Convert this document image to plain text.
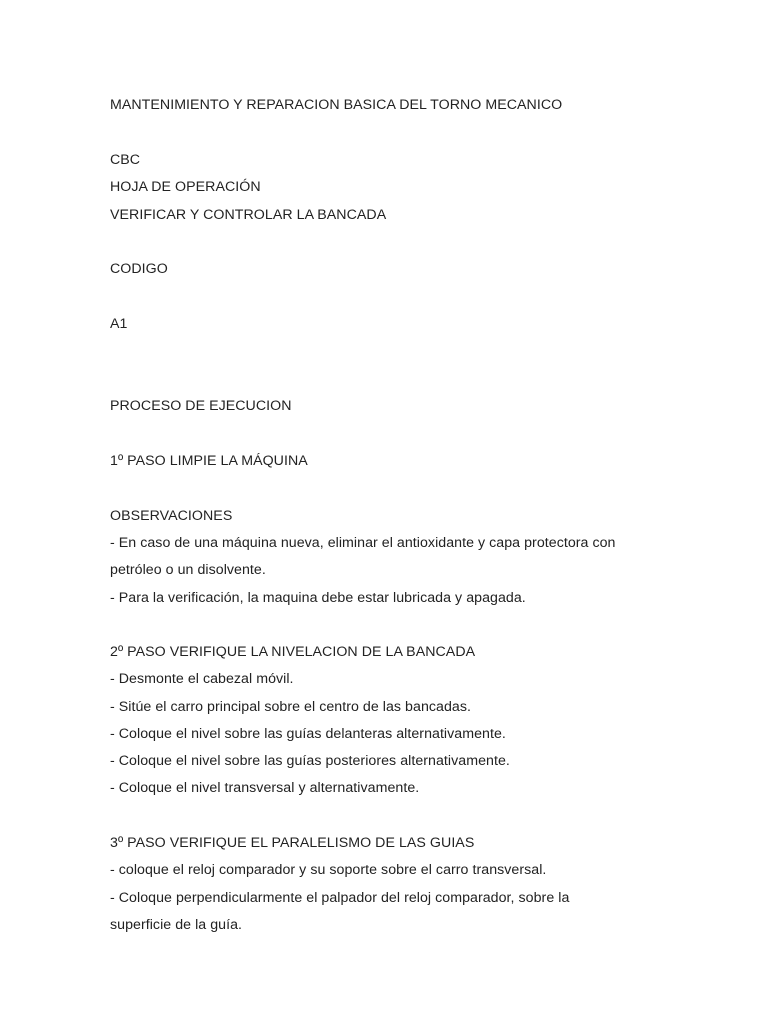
MANTENIMIENTO Y REPARACION BASICA DEL TORNO MECANICO
CBC
HOJA DE OPERACIÓN
VERIFICAR Y CONTROLAR LA BANCADA
CODIGO
A1
PROCESO DE EJECUCION
1º PASO LIMPIE LA MÁQUINA
OBSERVACIONES
- En caso de una máquina nueva, eliminar el antioxidante y capa protectora con
petróleo o un disolvente.
- Para la verificación, la maquina debe estar lubricada y apagada.
2º PASO VERIFIQUE LA NIVELACION DE LA BANCADA
- Desmonte el cabezal móvil.
- Sitúe el carro principal sobre el centro de las bancadas.
- Coloque el nivel sobre las guías delanteras alternativamente.
- Coloque el nivel sobre las guías posteriores alternativamente.
- Coloque el nivel transversal y alternativamente.
3º PASO VERIFIQUE EL PARALELISMO DE LAS GUIAS
- coloque el reloj comparador y su soporte sobre el carro transversal.
- Coloque perpendicularmente el palpador del reloj comparador, sobre la
superficie de la guía.
